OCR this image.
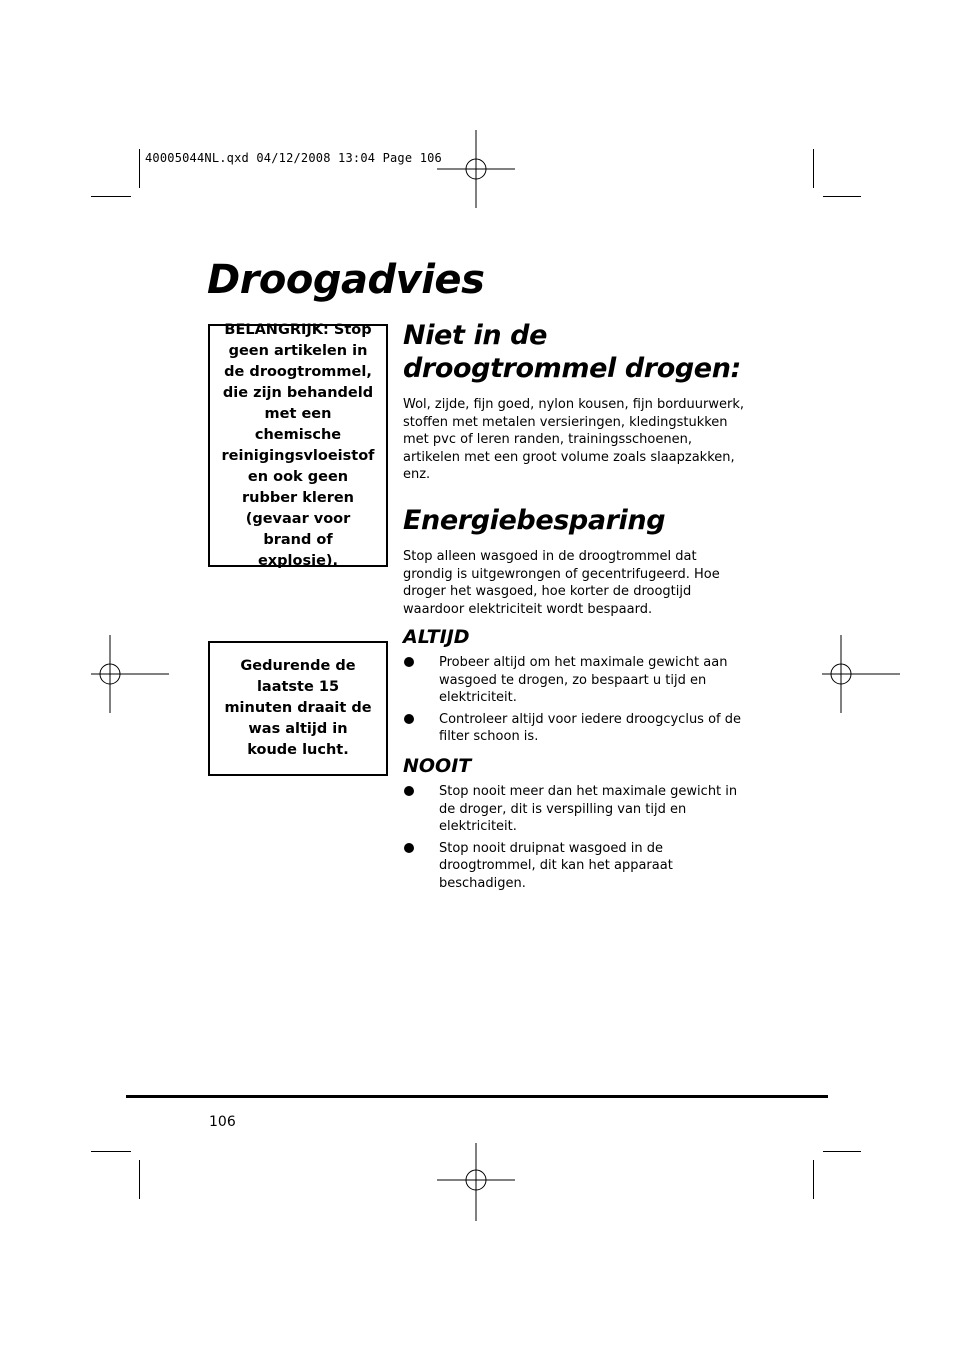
40005044NL.qxd 04/12/2008 13:04 Page 106
Droogadvies
BELANGRIJK: Stop geen artikelen in de droogtrommel, die zijn behandeld met een chemische reinigingsvloeistof en ook geen rubber kleren (gevaar voor brand of explosie).
Gedurende de laatste 15 minuten draait de was altijd in koude lucht.
Niet in de droogtrommel drogen:

Wol, zijde, fijn goed, nylon kousen, fijn borduurwerk, stoffen met metalen versieringen, kledingstukken met pvc of leren randen, trainingsschoenen, artikelen met een groot volume zoals slaapzakken, enz.

Energiebesparing

Stop alleen wasgoed in de droogtrommel dat grondig is uitgewrongen of gecentrifugeerd. Hoe droger het wasgoed, hoe korter de droogtijd waardoor elektriciteit wordt bespaard.

ALTIJD
Probeer altijd om het maximale gewicht aan wasgoed te drogen, zo bespaart u tijd en elektriciteit.
Controleer altijd voor iedere droogcyclus of de filter schoon is.
NOOIT
Stop nooit meer dan het maximale gewicht in de droger, dit is verspilling van tijd en elektriciteit.
Stop nooit druipnat wasgoed in de droogtrommel, dit kan het apparaat beschadigen.
106
